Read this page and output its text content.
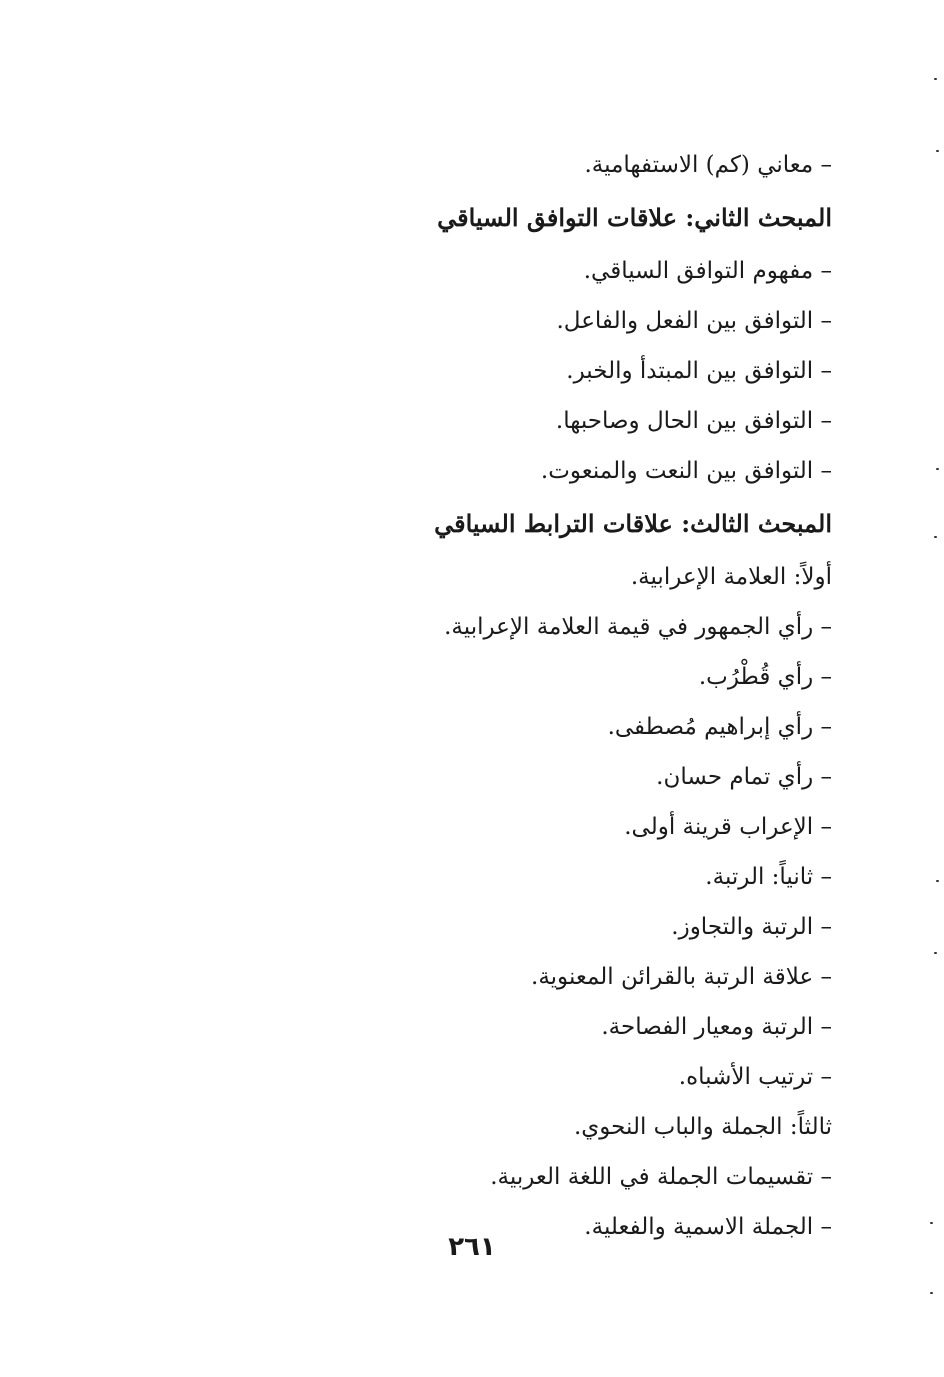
– معاني (كم) الاستفهامية.
المبحث الثاني: علاقات التوافق السياقي
– مفهوم التوافق السياقي.
– التوافق بين الفعل والفاعل.
– التوافق بين المبتدأ والخبر.
– التوافق بين الحال وصاحبها.
– التوافق بين النعت والمنعوت.
المبحث الثالث: علاقات الترابط السياقي
أولاً: العلامة الإعرابية.
– رأي الجمهور في قيمة العلامة الإعرابية.
– رأي قُطْرُب.
– رأي إبراهيم مُصطفى.
– رأي تمام حسان.
– الإعراب قرينة أولى.
– ثانياً: الرتبة.
– الرتبة والتجاوز.
– علاقة الرتبة بالقرائن المعنوية.
– الرتبة ومعيار الفصاحة.
– ترتيب الأشباه.
ثالثاً: الجملة والباب النحوي.
– تقسيمات الجملة في اللغة العربية.
– الجملة الاسمية والفعلية.
٢٦١
